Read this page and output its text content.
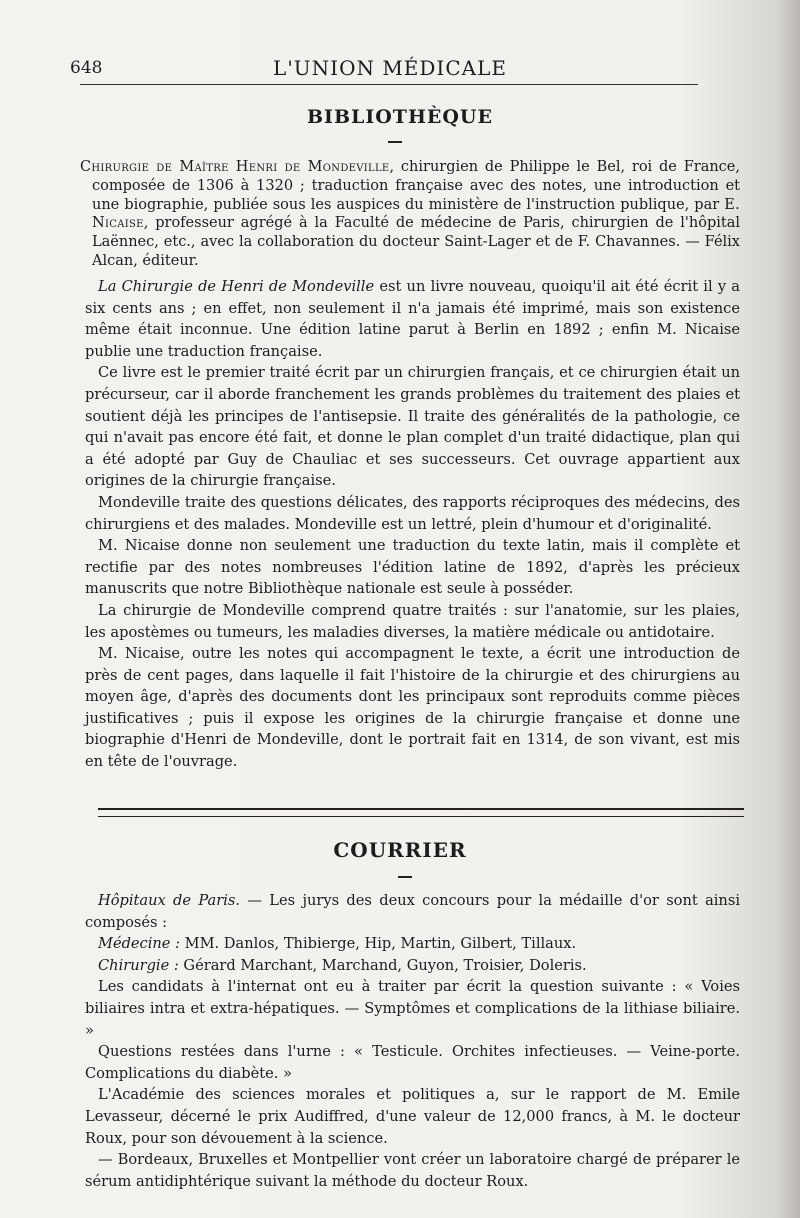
648	L'UNION MÉDICALE
BIBLIOTHÈQUE

Chirurgie de Maître Henri de Mondeville, chirurgien de Philippe le Bel, roi de France, composée de 1306 à 1320 ; traduction française avec des notes, une introduction et une biographie, publiée sous les auspices du ministère de l'instruction publique, par E. Nicaise, professeur agrégé à la Faculté de médecine de Paris, chirurgien de l'hôpital Laënnec, etc., avec la collaboration du docteur Saint-Lager et de F. Chavannes. — Félix Alcan, éditeur.

La Chirurgie de Henri de Mondeville est un livre nouveau, quoiqu'il ait été écrit il y a six cents ans ; en effet, non seulement il n'a jamais été imprimé, mais son existence même était inconnue. Une édition latine parut à Berlin en 1892 ; enfin M. Nicaise publie une traduction française.

Ce livre est le premier traité écrit par un chirurgien français, et ce chirurgien était un précurseur, car il aborde franchement les grands problèmes du traitement des plaies et soutient déjà les principes de l'antisepsie. Il traite des généralités de la pathologie, ce qui n'avait pas encore été fait, et donne le plan complet d'un traité didactique, plan qui a été adopté par Guy de Chauliac et ses successeurs. Cet ouvrage appartient aux origines de la chirurgie française.

Mondeville traite des questions délicates, des rapports réciproques des médecins, des chirurgiens et des malades. Mondeville est un lettré, plein d'humour et d'originalité.

M. Nicaise donne non seulement une traduction du texte latin, mais il complète et rectifie par des notes nombreuses l'édition latine de 1892, d'après les précieux manuscrits que notre Bibliothèque nationale est seule à posséder.

La chirurgie de Mondeville comprend quatre traités : sur l'anatomie, sur les plaies, les apostèmes ou tumeurs, les maladies diverses, la matière médicale ou antidotaire.

M. Nicaise, outre les notes qui accompagnent le texte, a écrit une introduction de près de cent pages, dans laquelle il fait l'histoire de la chirurgie et des chirurgiens au moyen âge, d'après des documents dont les principaux sont reproduits comme pièces justificatives ; puis il expose les origines de la chirurgie française et donne une biographie d'Henri de Mondeville, dont le portrait fait en 1314, de son vivant, est mis en tête de l'ouvrage.

COURRIER

Hôpitaux de Paris. — Les jurys des deux concours pour la médaille d'or sont ainsi composés :

Médecine : MM. Danlos, Thibierge, Hip, Martin, Gilbert, Tillaux.

Chirurgie : Gérard Marchant, Marchand, Guyon, Troisier, Doleris.

Les candidats à l'internat ont eu à traiter par écrit la question suivante : « Voies biliaires intra et extra-hépatiques. — Symptômes et complications de la lithiase biliaire. »

Questions restées dans l'urne : « Testicule. Orchites infectieuses. — Veine-porte. Complications du diabète. »

L'Académie des sciences morales et politiques a, sur le rapport de M. Emile Levasseur, décerné le prix Audiffred, d'une valeur de 12,000 francs, à M. le docteur Roux, pour son dévouement à la science.

— Bordeaux, Bruxelles et Montpellier vont créer un laboratoire chargé de préparer le sérum antidiphtérique suivant la méthode du docteur Roux.
